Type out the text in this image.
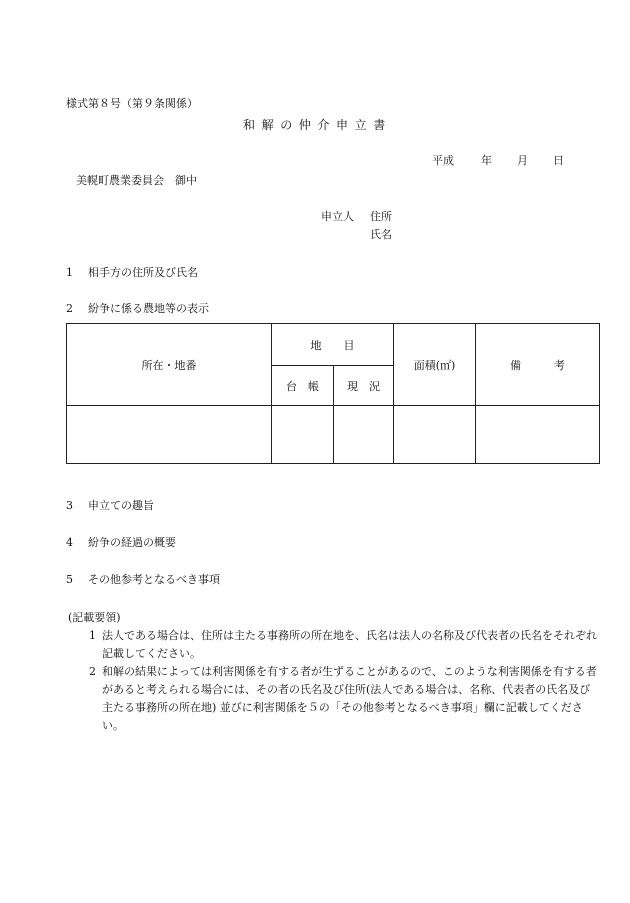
様式第８号（第９条関係）
和解の仲介申立書
平成 年 月 日
美幌町農業委員会　御中
申立人 住所
氏名
1 相手方の住所及び氏名
2 紛争に係る農地等の表示
所在・地番	地　　目		面積(㎡)	備　　　考
	台　帳	現　況		

3 申立ての趣旨
4 紛争の経過の概要
5 その他参考となるべき事項
(記載要領)
1 法人である場合は、住所は主たる事務所の所在地を、氏名は法人の名称及び代表者の氏名をそれぞれ記載してください。
2 和解の結果によっては利害関係を有する者が生ずることがあるので、このような利害関係を有する者があると考えられる場合には、その者の氏名及び住所(法人である場合は、名称、代表者の氏名及び主たる事務所の所在地) 並びに利害関係を５の「その他参考となるべき事項」欄に記載してください。
